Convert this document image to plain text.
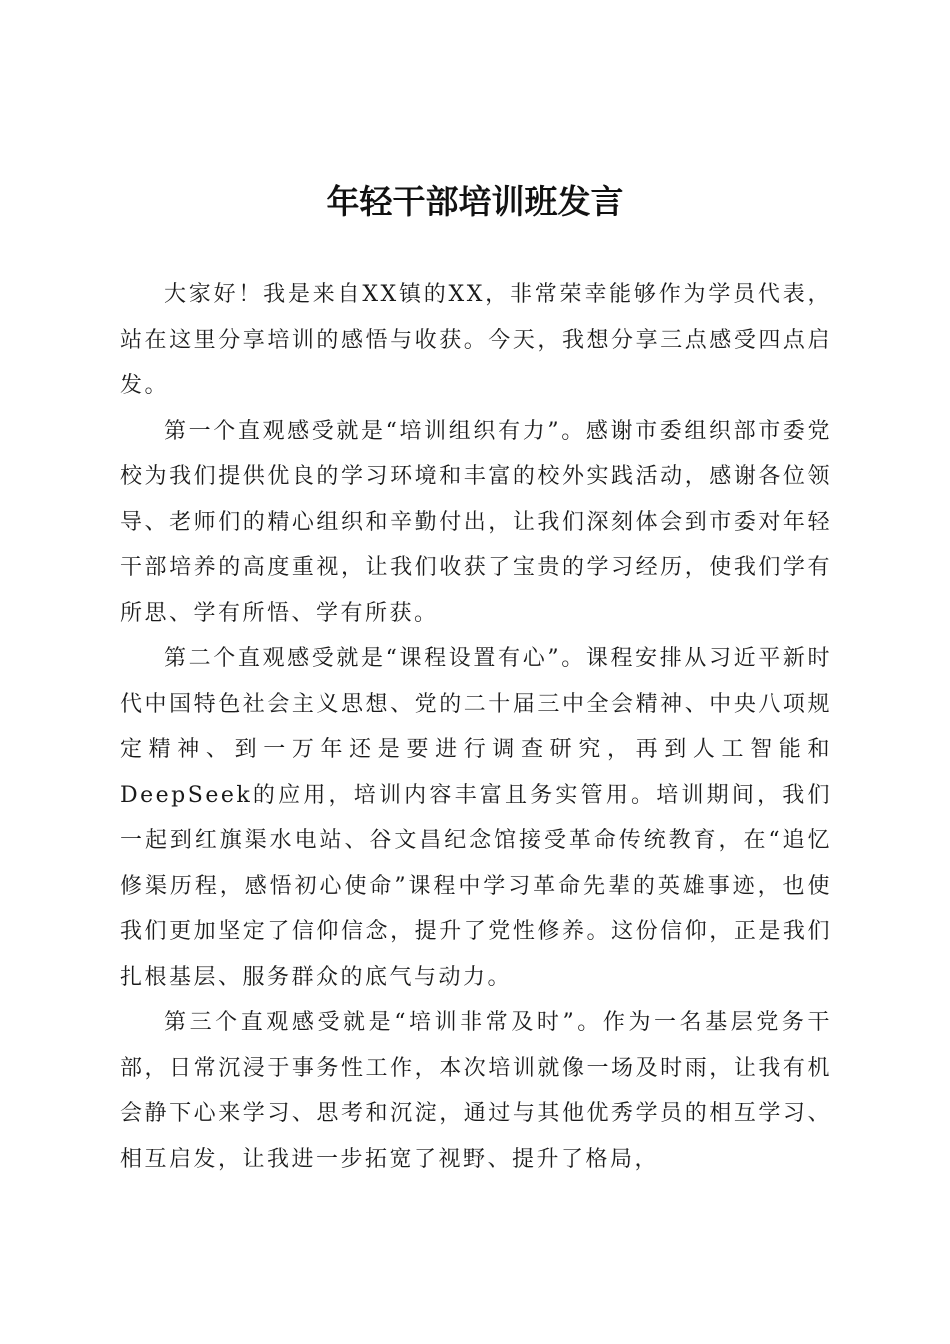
年轻干部培训班发言

大家好！我是来自XX镇的XX，非常荣幸能够作为学员代表，站在这里分享培训的感悟与收获。今天，我想分享三点感受四点启发。

第一个直观感受就是“培训组织有力”。感谢市委组织部市委党校为我们提供优良的学习环境和丰富的校外实践活动，感谢各位领导、老师们的精心组织和辛勤付出，让我们深刻体会到市委对年轻干部培养的高度重视，让我们收获了宝贵的学习经历，使我们学有所思、学有所悟、学有所获。

第二个直观感受就是“课程设置有心”。课程安排从习近平新时代中国特色社会主义思想、党的二十届三中全会精神、中央八项规定精神、到一万年还是要进行调查研究，再到人工智能和DeepSeek的应用，培训内容丰富且务实管用。培训期间，我们一起到红旗渠水电站、谷文昌纪念馆接受革命传统教育，在“追忆修渠历程，感悟初心使命”课程中学习革命先辈的英雄事迹，也使我们更加坚定了信仰信念，提升了党性修养。这份信仰，正是我们扎根基层、服务群众的底气与动力。

第三个直观感受就是“培训非常及时”。作为一名基层党务干部，日常沉浸于事务性工作，本次培训就像一场及时雨，让我有机会静下心来学习、思考和沉淀，通过与其他优秀学员的相互学习、相互启发，让我进一步拓宽了视野、提升了格局，
